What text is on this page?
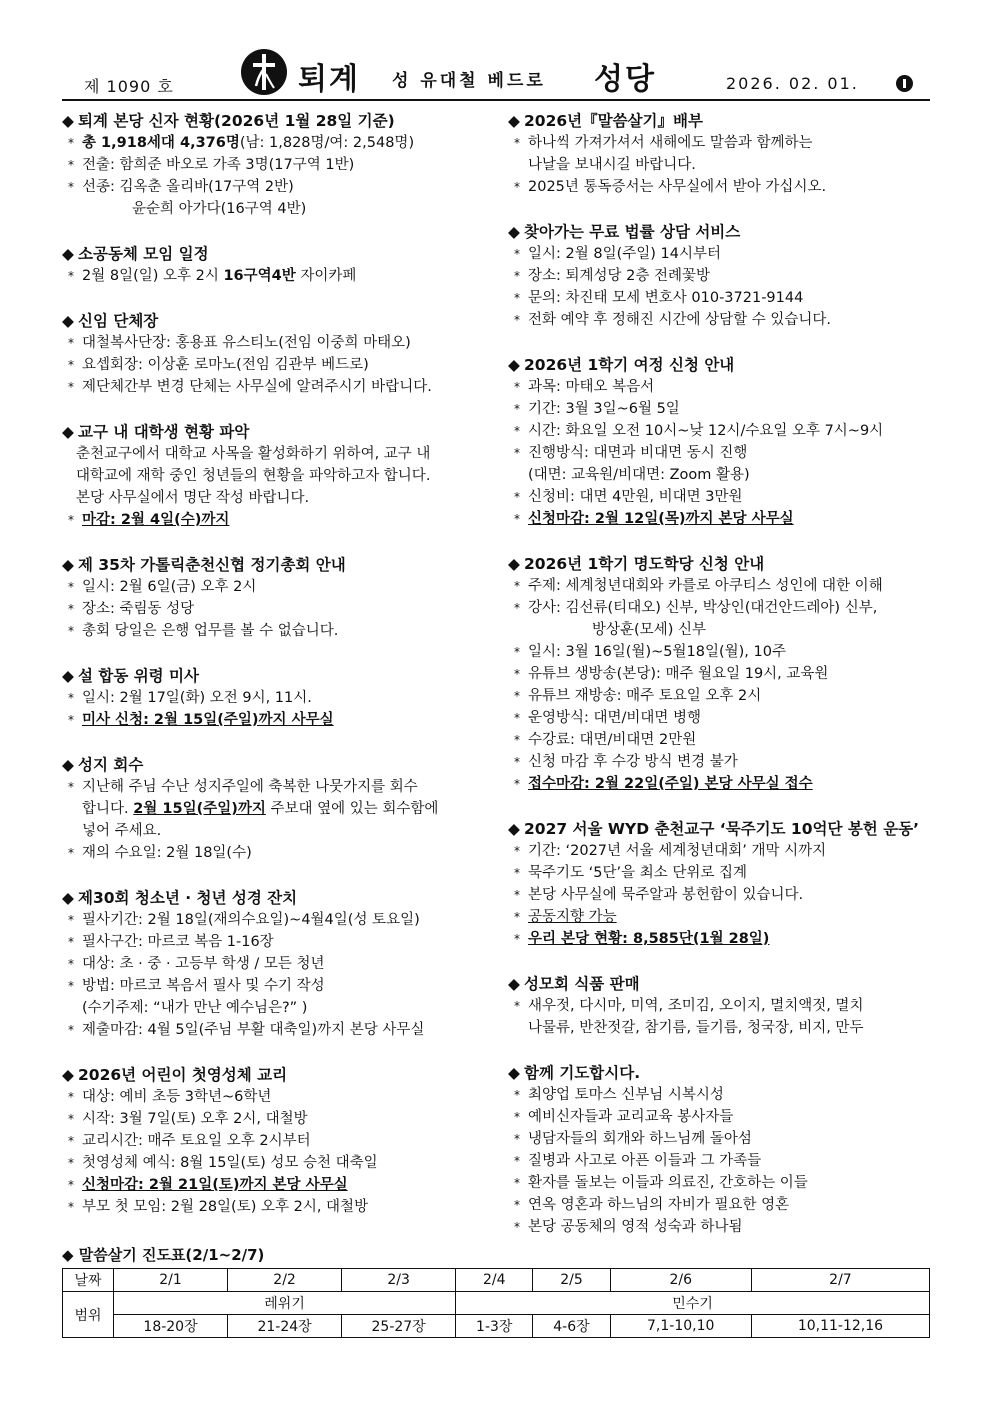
제 1090 호	퇴계 성 유대철 베드로 성당	2026. 02. 01.
◆ 퇴계 본당 신자 현황(2026년 1월 28일 기준)
* 총 1,918세대 4,376명(남: 1,828명/여: 2,548명)
* 전출: 함희준 바오로 가족 3명(17구역 1반)
* 선종: 김옥춘 올리바(17구역 2반)
윤순희 아가다(16구역 4반)
◆ 소공동체 모임 일정
* 2월 8일(일) 오후 2시 16구역4반 자이카페
◆ 신임 단체장
* 대철복사단장: 홍용표 유스티노(전임 이중희 마태오)
* 요셉회장: 이상훈 로마노(전임 김관부 베드로)
* 제단체간부 변경 단체는 사무실에 알려주시기 바랍니다.
◆ 교구 내 대학생 현황 파악
춘천교구에서 대학교 사목을 활성화하기 위하여, 교구 내
대학교에 재학 중인 청년들의 현황을 파악하고자 합니다.
본당 사무실에서 명단 작성 바랍니다.
* 마감: 2월 4일(수)까지
◆ 제 35차 가톨릭춘천신협 정기총회 안내
* 일시: 2월 6일(금) 오후 2시
* 장소: 죽림동 성당
* 총회 당일은 은행 업무를 볼 수 없습니다.
◆ 설 합동 위령 미사
* 일시: 2월 17일(화) 오전 9시, 11시.
* 미사 신청: 2월 15일(주일)까지 사무실
◆ 성지 회수
* 지난해 주님 수난 성지주일에 축복한 나뭇가지를 회수
합니다. 2월 15일(주일)까지 주보대 옆에 있는 회수함에
넣어 주세요.
* 재의 수요일: 2월 18일(수)
◆ 제30회 청소년 · 청년 성경 잔치
* 필사기간: 2월 18일(재의수요일)~4월4일(성 토요일)
* 필사구간: 마르코 복음 1-16장
* 대상: 초 · 중 · 고등부 학생 / 모든 청년
* 방법: 마르코 복음서 필사 및 수기 작성
(수기주제: “내가 만난 예수님은?” )
* 제출마감: 4월 5일(주님 부활 대축일)까지 본당 사무실
◆ 2026년 어린이 첫영성체 교리
* 대상: 예비 초등 3학년~6학년
* 시작: 3월 7일(토) 오후 2시, 대철방
* 교리시간: 매주 토요일 오후 2시부터
* 첫영성체 예식: 8월 15일(토) 성모 승천 대축일
* 신청마감: 2월 21일(토)까지 본당 사무실
* 부모 첫 모임: 2월 28일(토) 오후 2시, 대철방
◆ 2026년『말씀살기』배부
* 하나씩 가져가셔서 새해에도 말씀과 함께하는
나날을 보내시길 바랍니다.
* 2025년 통독증서는 사무실에서 받아 가십시오.
◆ 찾아가는 무료 법률 상담 서비스
* 일시: 2월 8일(주일) 14시부터
* 장소: 퇴계성당 2층 전례꽃방
* 문의: 차진태 모세 변호사 010-3721-9144
* 전화 예약 후 정해진 시간에 상담할 수 있습니다.
◆ 2026년 1학기 여정 신청 안내
* 과목: 마태오 복음서
* 기간: 3월 3일~6월 5일
* 시간: 화요일 오전 10시~낮 12시/수요일 오후 7시~9시
* 진행방식: 대면과 비대면 동시 진행
(대면: 교육원/비대면: Zoom 활용)
* 신청비: 대면 4만원, 비대면 3만원
* 신청마감: 2월 12일(목)까지 본당 사무실
◆ 2026년 1학기 명도학당 신청 안내
* 주제: 세계청년대회와 카를로 아쿠티스 성인에 대한 이해
* 강사: 김선류(티대오) 신부, 박상인(대건안드레아) 신부,
방상훈(모세) 신부
* 일시: 3월 16일(월)~5월18일(월), 10주
* 유튜브 생방송(본당): 매주 월요일 19시, 교육원
* 유튜브 재방송: 매주 토요일 오후 2시
* 운영방식: 대면/비대면 병행
* 수강료: 대면/비대면 2만원
* 신청 마감 후 수강 방식 변경 불가
* 접수마감: 2월 22일(주일) 본당 사무실 접수
◆ 2027 서울 WYD 춘천교구 ‘묵주기도 10억단 봉헌 운동’
* 기간: ‘2027년 서울 세계청년대회’ 개막 시까지
* 묵주기도 ‘5단’을 최소 단위로 집계
* 본당 사무실에 묵주알과 봉헌함이 있습니다.
* 공동지향 가능
* 우리 본당 현황: 8,585단(1월 28일)
◆ 성모회 식품 판매
* 새우젓, 다시마, 미역, 조미김, 오이지, 멸치액젓, 멸치
나물류, 반찬젓갈, 참기름, 들기름, 청국장, 비지, 만두
◆ 함께 기도합시다.
* 최양업 토마스 신부님 시복시성
* 예비신자들과 교리교육 봉사자들
* 냉담자들의 회개와 하느님께 돌아섬
* 질병과 사고로 아픈 이들과 그 가족들
* 환자를 돌보는 이들과 의료진, 간호하는 이들
* 연옥 영혼과 하느님의 자비가 필요한 영혼
* 본당 공동체의 영적 성숙과 하나됨
◆ 말씀살기 진도표(2/1~2/7)
날짜	2/1	2/2	2/3	2/4	2/5	2/6	2/7
범위	레위기			민수기			
	18-20장	21-24장	25-27장	1-3장	4-6장	7,1-10,10	10,11-12,16
